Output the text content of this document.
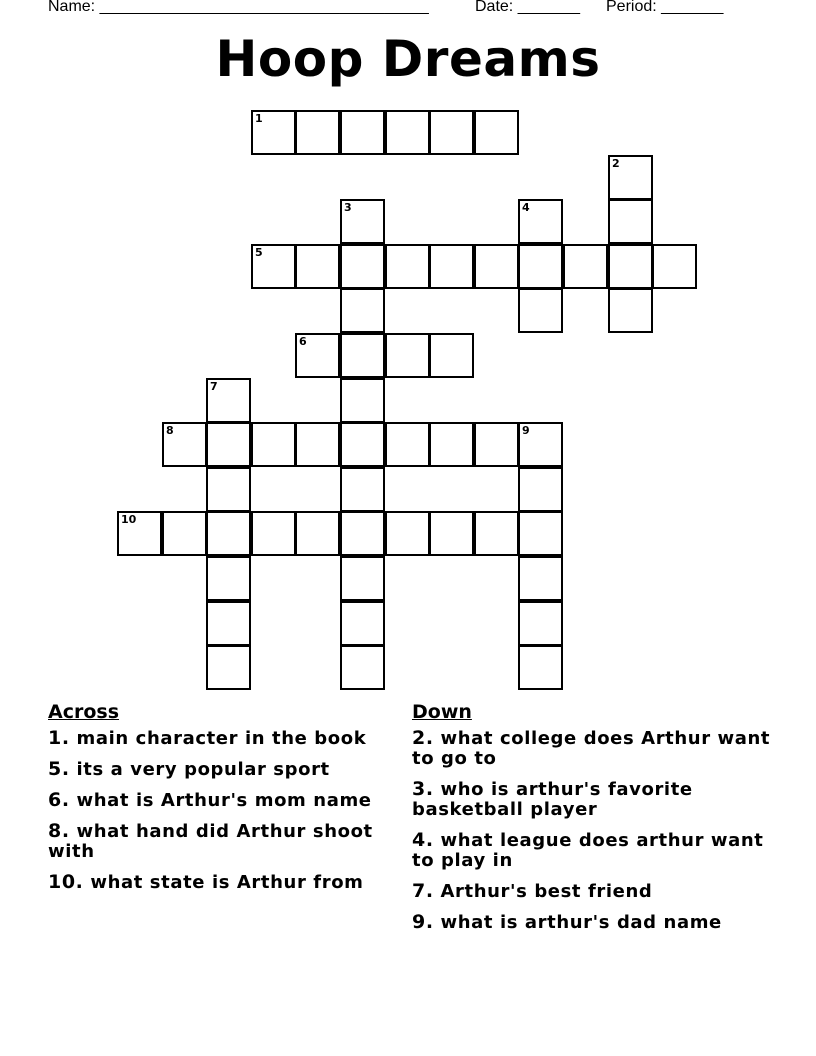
Name: _____________________________________	Date: _______ Period: _______
Hoop Dreams
1
2
3	4
5
6
7
8	9
10
Across
1. main character in the book
5. its a very popular sport
6. what is Arthur's mom name
8. what hand did Arthur shoot with
10. what state is Arthur from
Down
2. what college does Arthur want to go to
3. who is arthur's favorite basketball player
4. what league does arthur want to play in
7. Arthur's best friend
9. what is arthur's dad name
